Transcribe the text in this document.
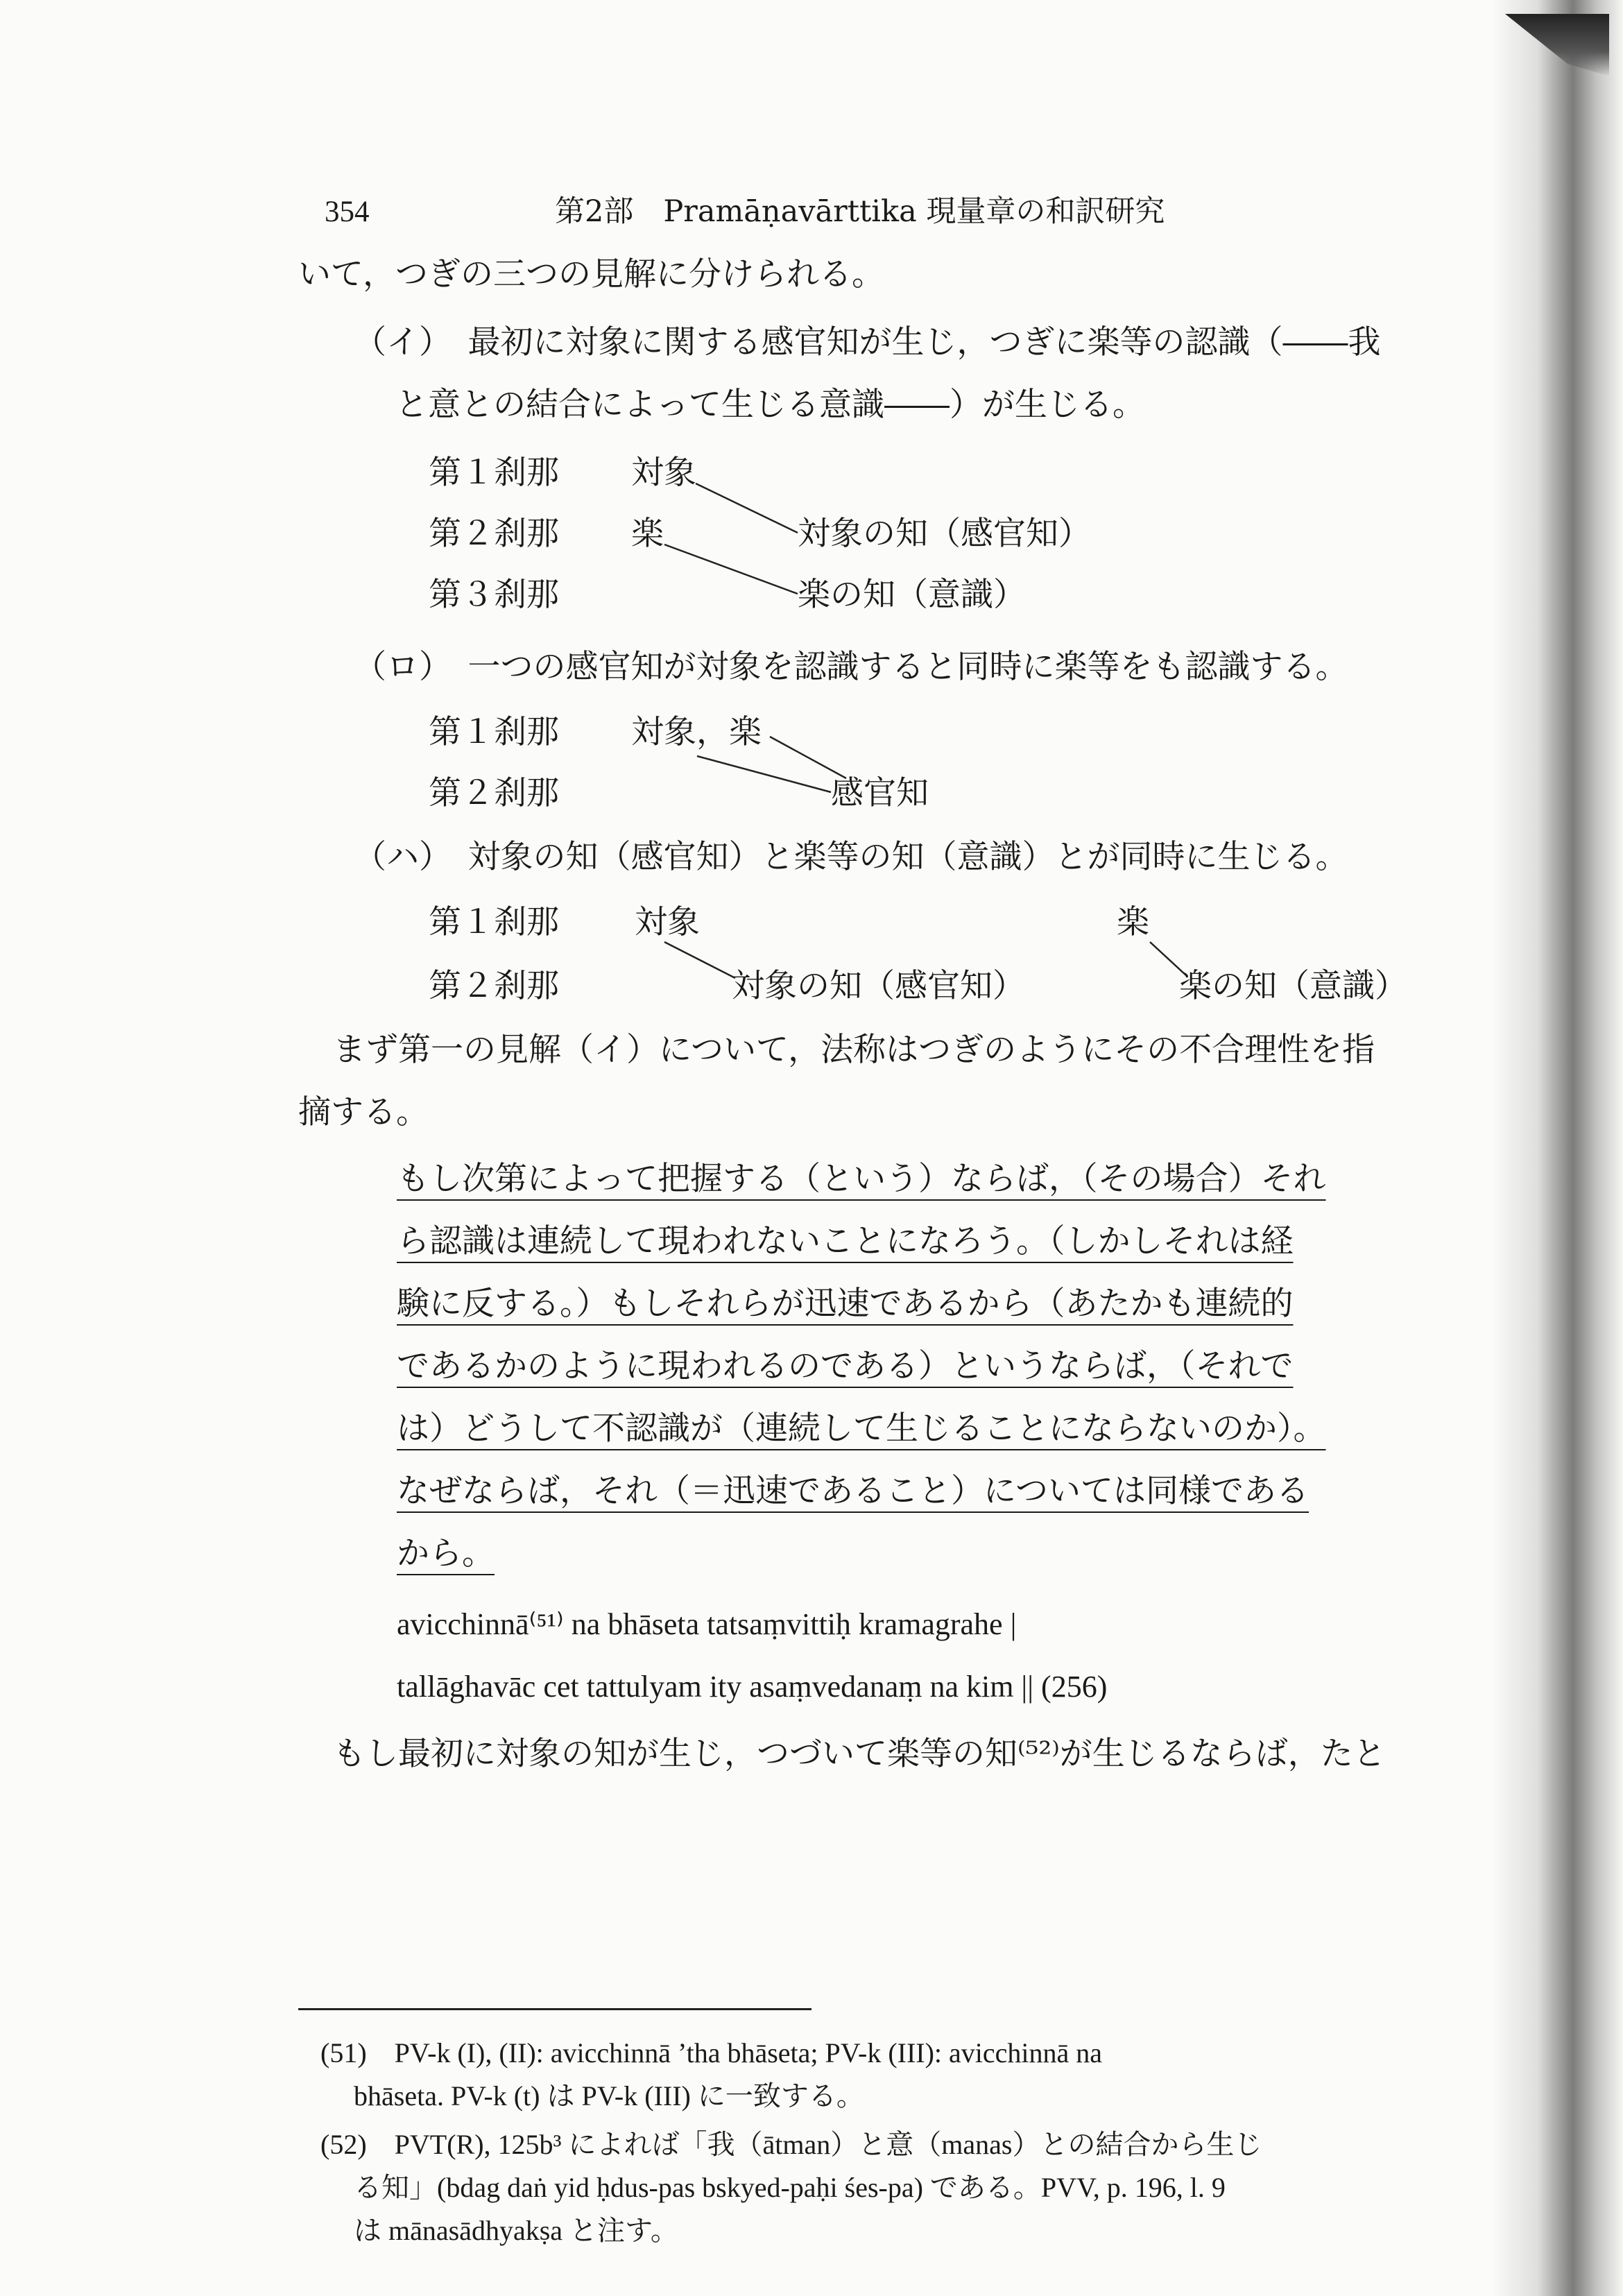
354	第2部　Pramāṇavārttika 現量章の和訳研究
いて，つぎの三つの見解に分けられる。
（イ）　最初に対象に関する感官知が生じ，つぎに楽等の認識（――我
と意との結合によって生じる意識――）が生じる。
第１刹那 対象
第２刹那 楽	対象の知（感官知）
第３刹那	楽の知（意識）
（ロ）　一つの感官知が対象を認識すると同時に楽等をも認識する。
第１刹那 対象，楽
第２刹那	感官知
（ハ）　対象の知（感官知）と楽等の知（意識）とが同時に生じる。
第１刹那 対象	楽
第２刹那	対象の知（感官知）	楽の知（意識）
まず第一の見解（イ）について，法称はつぎのようにその不合理性を指
摘する。
もし次第によって把握する（という）ならば，（その場合）それ
ら認識は連続して現われないことになろう。（しかしそれは経
験に反する。）もしそれらが迅速であるから（あたかも連続的
であるかのように現われるのである）というならば，（それで
は）どうして不認識が（連続して生じることにならないのか）。
なぜならば，それ（＝迅速であること）については同様である
から。
avicchinnā⁽⁵¹⁾ na bhāseta tatsaṃvittiḥ kramagrahe |
tallāghavāc cet tattulyam ity asaṃvedanaṃ na kim || (256)
もし最初に対象の知が生じ，つづいて楽等の知⁽⁵²⁾が生じるならば，たと
(51)　PV-k (I), (II): avicchinnā ’tha bhāseta; PV-k (III): avicchinnā na
bhāseta. PV-k (t) は PV-k (III) に一致する。
(52)　PVT(R), 125b³ によれば「我（ātman）と意（manas）との結合から生じ
る知」(bdag daṅ yid ḥdus-pas bskyed-paḥi śes-pa) である。PVV, p. 196, l. 9
は mānasādhyakṣa と注す。
